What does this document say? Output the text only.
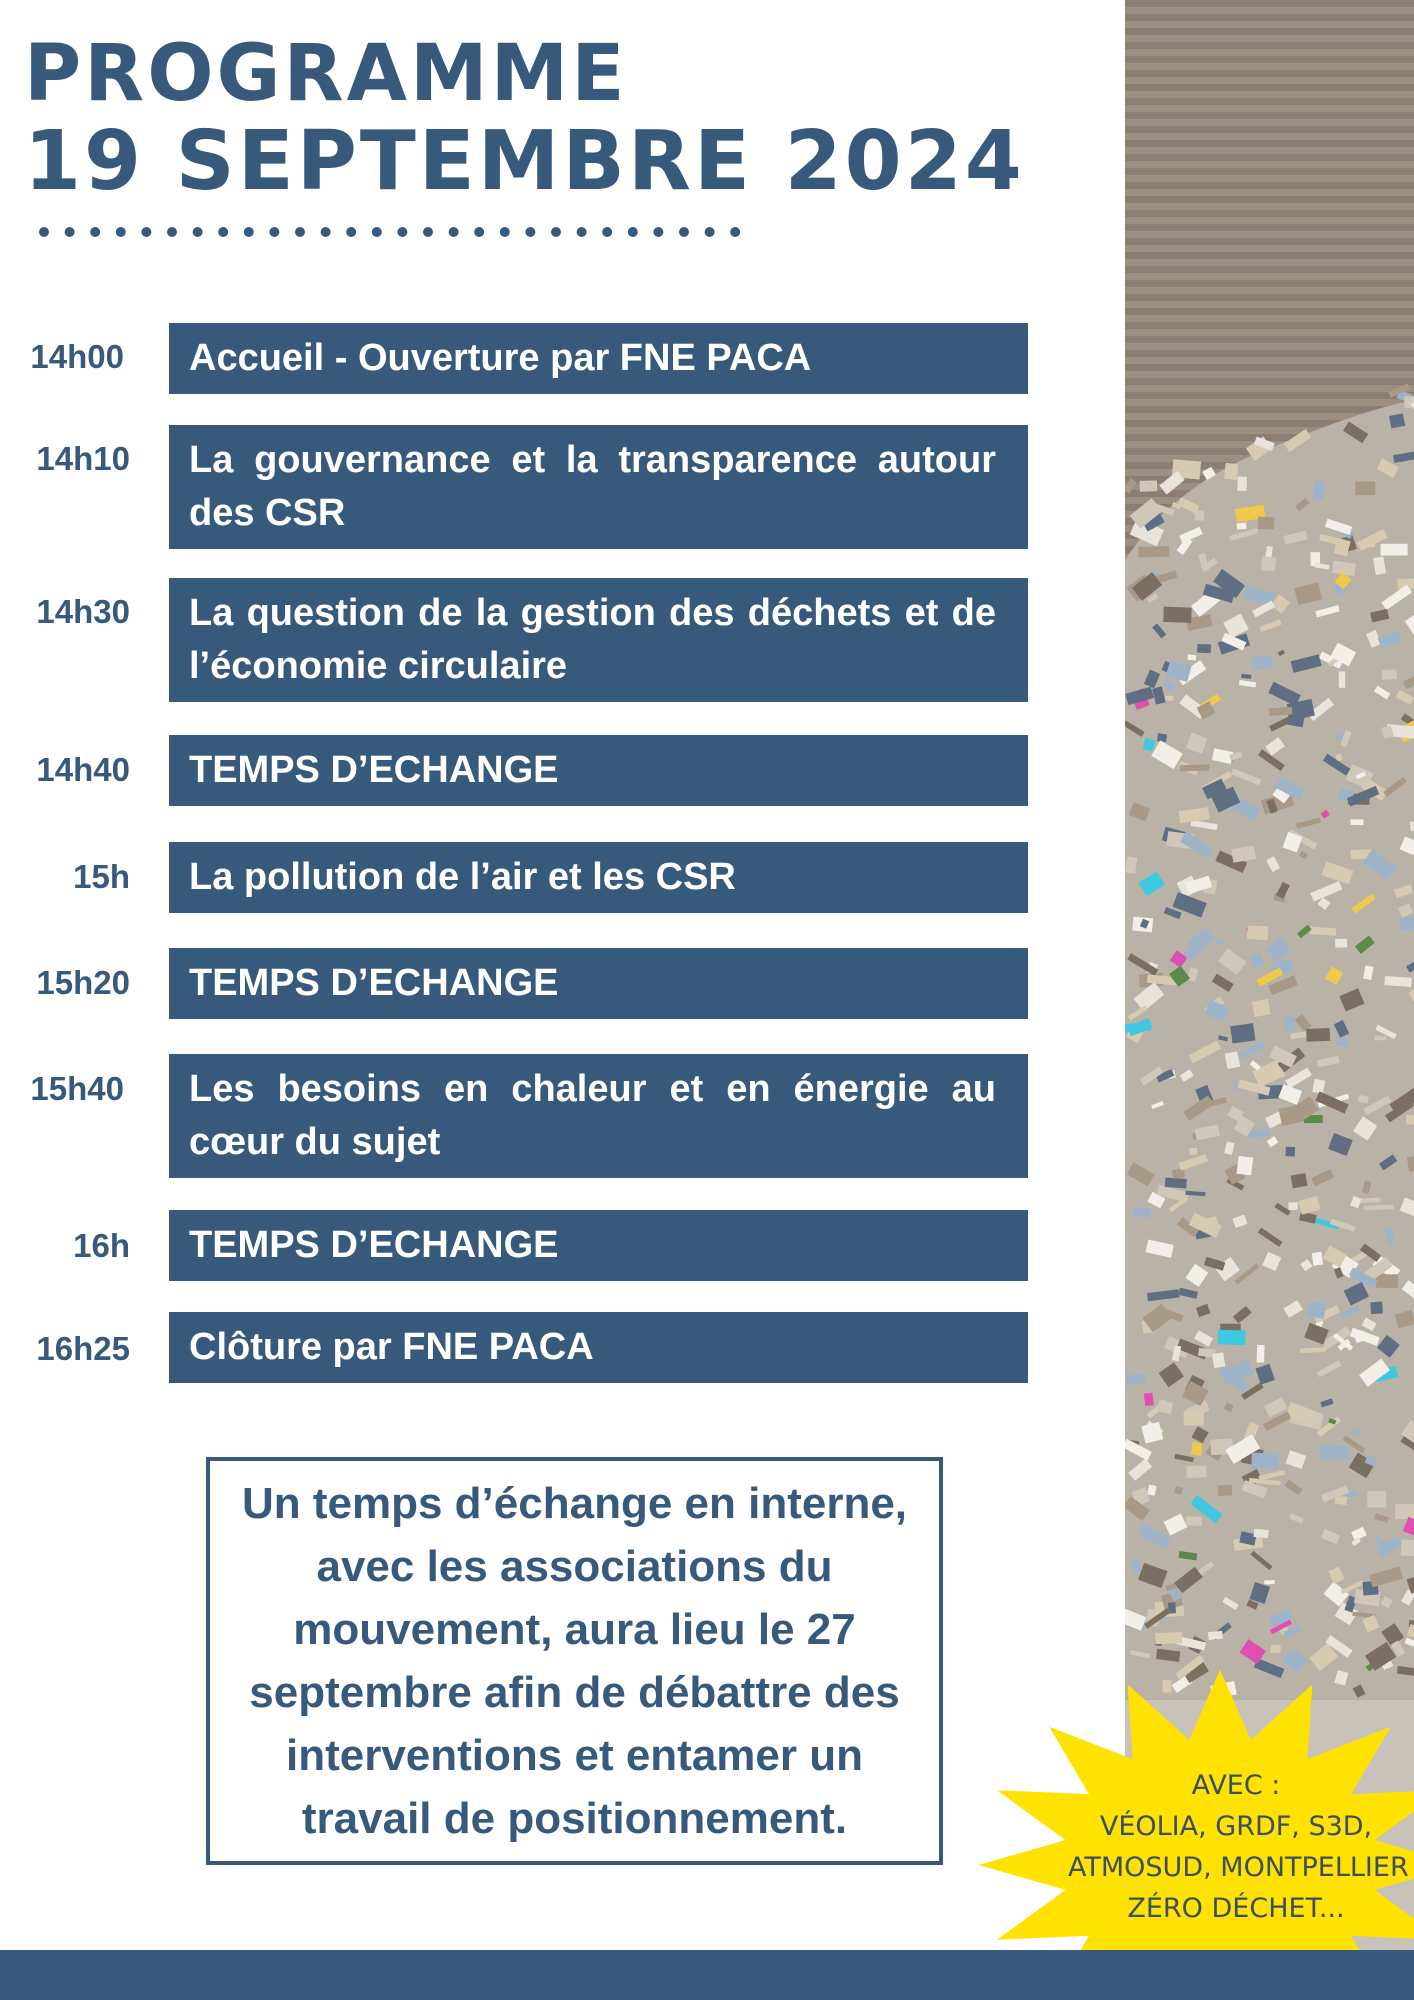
PROGRAMME
19 SEPTEMBRE 2024
14h00	Accueil - Ouverture par FNE PACA
14h10	La gouvernance et la transparence autour des CSR
14h30	La question de la gestion des déchets et de l’économie circulaire
14h40	TEMPS D’ECHANGE
15h	La pollution de l’air et les CSR
15h20	TEMPS D’ECHANGE
15h40	Les besoins en chaleur et en énergie au cœur du sujet
16h	TEMPS D’ECHANGE
16h25	Clôture par FNE PACA
Un temps d’échange en interne, avec les associations du mouvement, aura lieu le 27 septembre afin de débattre des interventions et entamer un travail de positionnement.
AVEC :
VÉOLIA, GRDF, S3D,
ATMOSUD, MONTPELLIER
ZÉRO DÉCHET...
